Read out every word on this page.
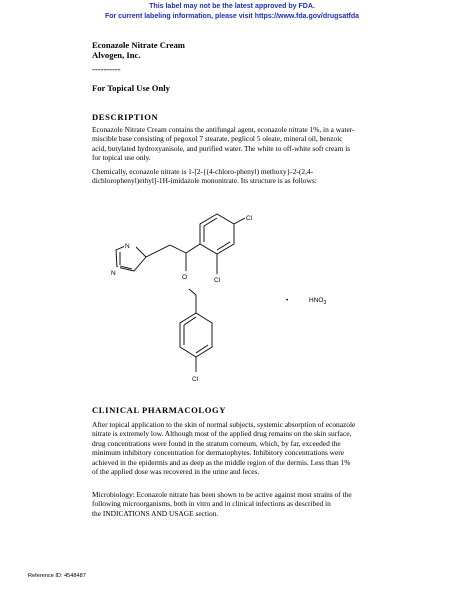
This label may not be the latest approved by FDA.
For current labeling information, please visit https://www.fda.gov/drugsatfda
Econazole Nitrate Cream
Alvogen, Inc.
----------
For Topical Use Only
DESCRIPTION
Econazole Nitrate Cream contains the antifungal agent, econazole nitrate 1%, in a water-
miscible base consisting of pegoxol 7 stearate, peglicol 5 oleate, mineral oil, benzoic
acid, butylated hydroxyanisole, and purified water. The white to off-white soft cream is
for topical use only.
Chemically, econazole nitrate is 1-[2-{(4-chloro-phenyl) methoxy}-2-(2,4-
dichlorophenyl)ethyl]-1H-imidazole mononitrate. Its structure is as follows:
Cl
N
N
Cl
O
Cl
•	$HNO_3$
CLINICAL PHARMACOLOGY
After topical application to the skin of normal subjects, systemic absorption of econazole
nitrate is extremely low. Although most of the applied drug remains on the skin surface,
drug concentrations were found in the stratum corneum, which, by far, exceeded the
minimum inhibitory concentration for dermatophytes. Inhibitory concentrations were
achieved in the epidermis and as deep as the middle region of the dermis. Less than 1%
of the applied dose was recovered in the urine and feces.
Microbiology: Econazole nitrate has been shown to be active against most strains of the
following microorganisms, both in vitro and in clinical infections as described in
the INDICATIONS AND USAGE section.
Reference ID: 4548487
